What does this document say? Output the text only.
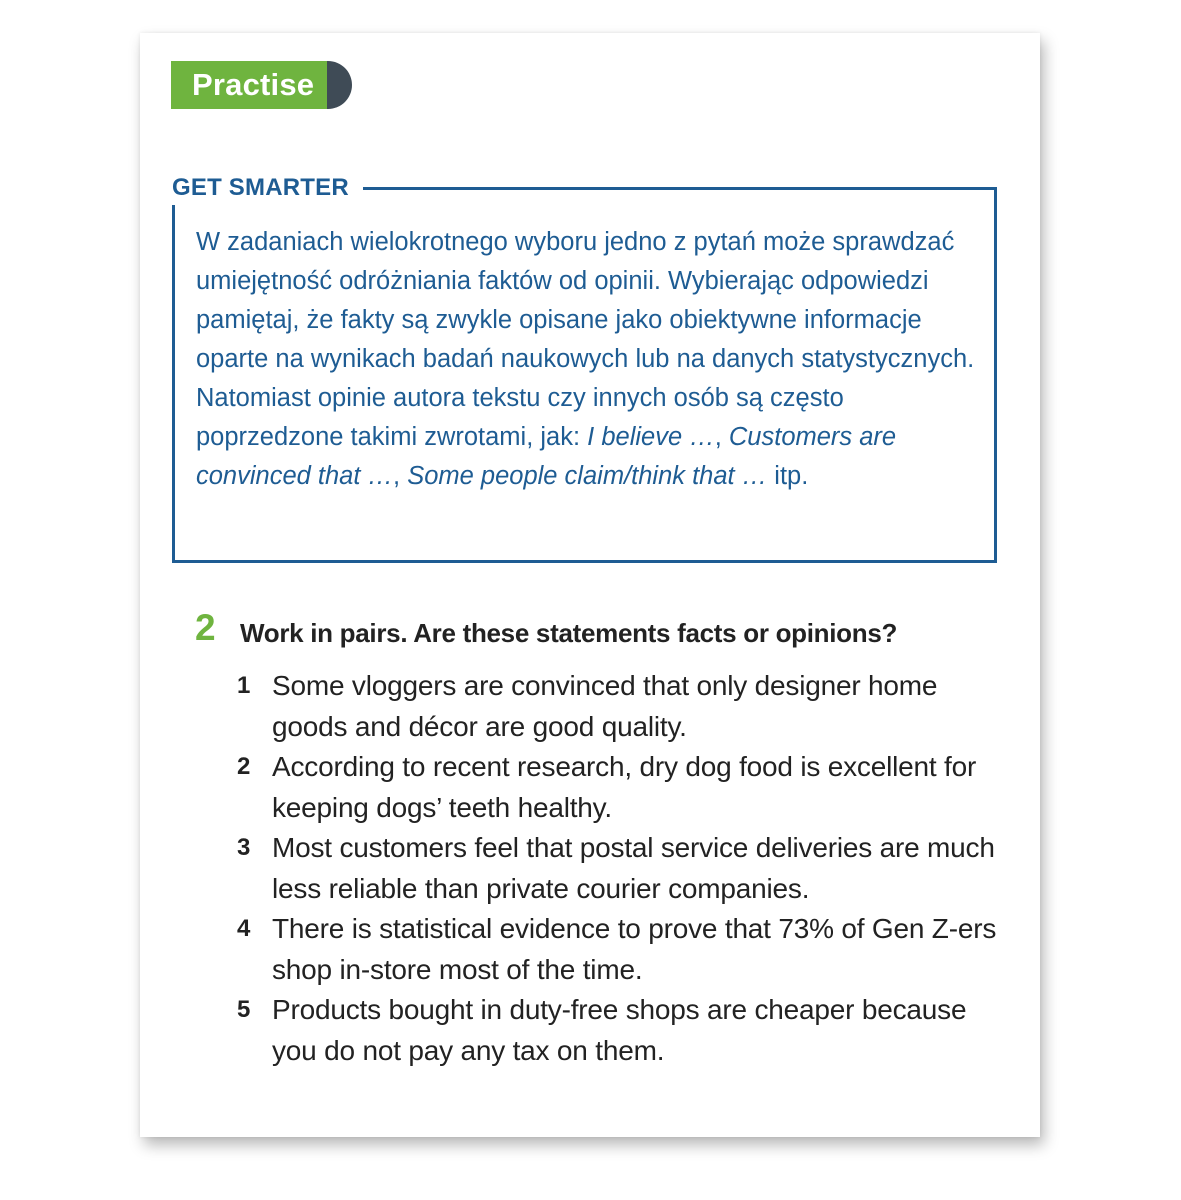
Practise
GET SMARTER
W zadaniach wielokrotnego wyboru jedno z pytań może sprawdzać umiejętność odróżniania faktów od opinii. Wybierając odpowiedzi pamiętaj, że fakty są zwykle opisane jako obiektywne informacje oparte na wynikach badań naukowych lub na danych statystycznych. Natomiast opinie autora tekstu czy innych osób są często poprzedzone takimi zwrotami, jak: I believe …, Customers are convinced that …, Some people claim/think that … itp.
2 Work in pairs. Are these statements facts or opinions?
1 Some vloggers are convinced that only designer home goods and décor are good quality.
2 According to recent research, dry dog food is excellent for keeping dogs’ teeth healthy.
3 Most customers feel that postal service deliveries are much less reliable than private courier companies.
4 There is statistical evidence to prove that 73% of Gen Z-ers shop in-store most of the time.
5 Products bought in duty-free shops are cheaper because you do not pay any tax on them.
